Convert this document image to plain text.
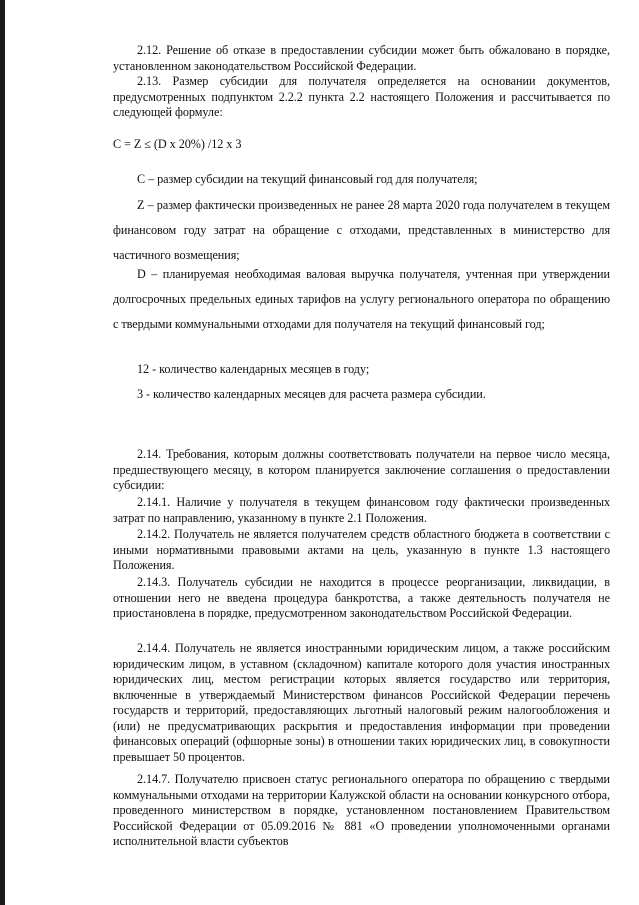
2.12. Решение об отказе в предоставлении субсидии может быть обжаловано в порядке, установленном законодательством Российской Федерации.

2.13. Размер субсидии для получателя определяется на основании документов, предусмотренных подпунктом 2.2.2 пункта 2.2 настоящего Положения и рассчитывается по следующей формуле:

C = Z ≤ (D x 20%) /12 x 3

C – размер субсидии на текущий финансовый год для получателя;

Z – размер фактически произведенных не ранее 28 марта 2020 года получателем в текущем финансовом году затрат на обращение с отходами, представленных в министерство для частичного возмещения;

D – планируемая необходимая валовая выручка получателя, учтенная при утверждении долгосрочных предельных единых тарифов на услугу регионального оператора по обращению с твердыми коммунальными отходами для получателя на текущий финансовый год;

12 - количество календарных месяцев в году;

3 - количество календарных месяцев для расчета размера субсидии.

2.14. Требования, которым должны соответствовать получатели на первое число месяца, предшествующего месяцу, в котором планируется заключение соглашения о предоставлении субсидии:

2.14.1. Наличие у получателя в текущем финансовом году фактически произведенных затрат по направлению, указанному в пункте 2.1 Положения.

2.14.2. Получатель не является получателем средств областного бюджета в соответствии с иными нормативными правовыми актами на цель, указанную в пункте 1.3 настоящего Положения.

2.14.3. Получатель субсидии не находится в процессе реорганизации, ликвидации, в отношении него не введена процедура банкротства, а также деятельность получателя не приостановлена в порядке, предусмотренном законодательством Российской Федерации.

2.14.4. Получатель не является иностранными юридическим лицом, а также российским юридическим лицом, в уставном (складочном) капитале которого доля участия иностранных юридических лиц, местом регистрации которых является государство или территория, включенные в утверждаемый Министерством финансов Российской Федерации перечень государств и территорий, предоставляющих льготный налоговый режим налогообложения и (или) не предусматривающих раскрытия и предоставления информации при проведении финансовых операций (офшорные зоны) в отношении таких юридических лиц, в совокупности превышает 50 процентов.

2.14.7. Получателю присвоен статус регионального оператора по обращению с твердыми коммунальными отходами на территории Калужской области на основании конкурсного отбора, проведенного министерством в порядке, установленном постановлением Правительством Российской Федерации от 05.09.2016 № 881 «О проведении уполномоченными органами исполнительной власти субъектов
